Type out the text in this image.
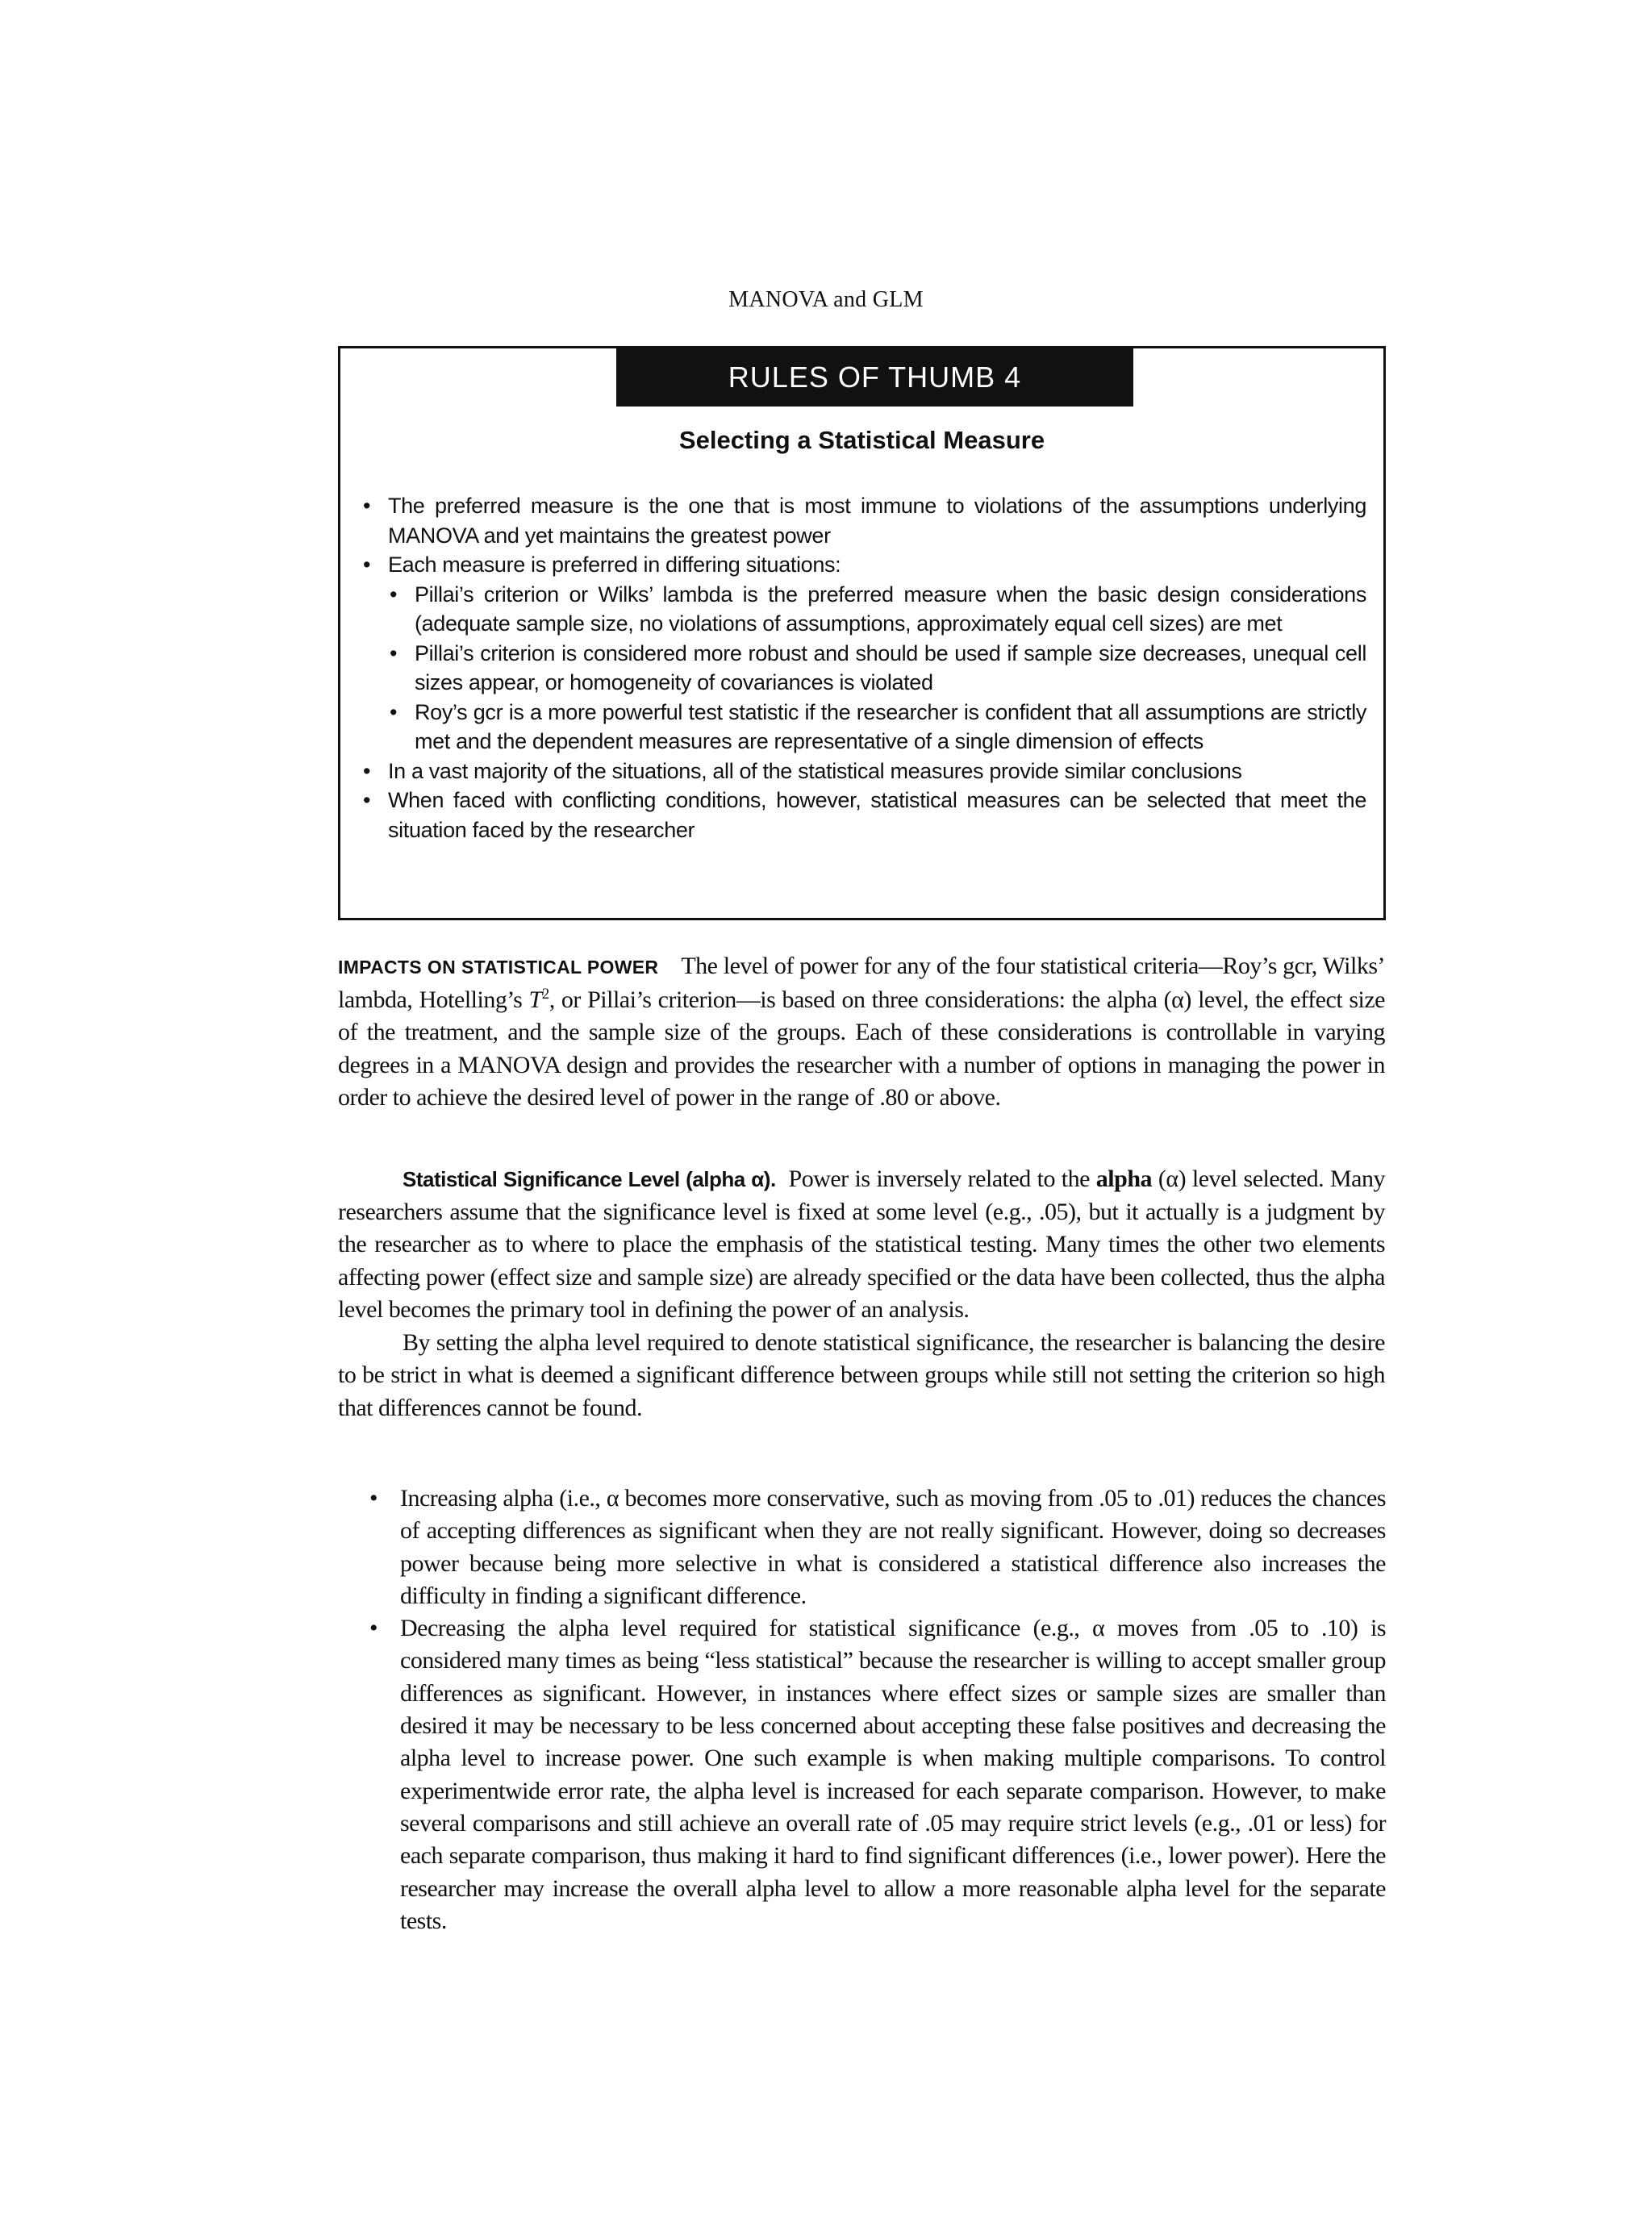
MANOVA and GLM
RULES OF THUMB 4
Selecting a Statistical Measure
• The preferred measure is the one that is most immune to violations of the assumptions underlying MANOVA and yet maintains the greatest power
• Each measure is preferred in differing situations:
• Pillai’s criterion or Wilks’ lambda is the preferred measure when the basic design considerations (adequate sample size, no violations of assumptions, approximately equal cell sizes) are met
• Pillai’s criterion is considered more robust and should be used if sample size decreases, unequal cell sizes appear, or homogeneity of covariances is violated
• Roy’s gcr is a more powerful test statistic if the researcher is confident that all assumptions are strictly met and the dependent measures are representative of a single dimension of effects
• In a vast majority of the situations, all of the statistical measures provide similar conclusions
• When faced with conflicting conditions, however, statistical measures can be selected that meet the situation faced by the researcher
IMPACTS ON STATISTICAL POWER The level of power for any of the four statistical criteria—Roy’s gcr, Wilks’ lambda, Hotelling’s $T^2$, or Pillai’s criterion—is based on three considerations: the alpha (α) level, the effect size of the treatment, and the sample size of the groups. Each of these considerations is controllable in varying degrees in a MANOVA design and provides the researcher with a number of options in managing the power in order to achieve the desired level of power in the range of .80 or above.
Statistical Significance Level (alpha α). Power is inversely related to the alpha (α) level selected. Many researchers assume that the significance level is fixed at some level (e.g., .05), but it actually is a judgment by the researcher as to where to place the emphasis of the statistical testing. Many times the other two elements affecting power (effect size and sample size) are already specified or the data have been collected, thus the alpha level becomes the primary tool in defining the power of an analysis.
By setting the alpha level required to denote statistical significance, the researcher is balancing the desire to be strict in what is deemed a significant difference between groups while still not setting the criterion so high that differences cannot be found.
• Increasing alpha (i.e., α becomes more conservative, such as moving from .05 to .01) reduces the chances of accepting differences as significant when they are not really significant. However, doing so decreases power because being more selective in what is considered a statistical difference also increases the difficulty in finding a significant difference.
• Decreasing the alpha level required for statistical significance (e.g., α moves from .05 to .10) is considered many times as being “less statistical” because the researcher is willing to accept smaller group differences as significant. However, in instances where effect sizes or sample sizes are smaller than desired it may be necessary to be less concerned about accepting these false positives and decreasing the alpha level to increase power. One such example is when making multiple comparisons. To control experimentwide error rate, the alpha level is increased for each separate comparison. However, to make several comparisons and still achieve an overall rate of .05 may require strict levels (e.g., .01 or less) for each separate comparison, thus making it hard to find significant differences (i.e., lower power). Here the researcher may increase the overall alpha level to allow a more reasonable alpha level for the separate tests.
